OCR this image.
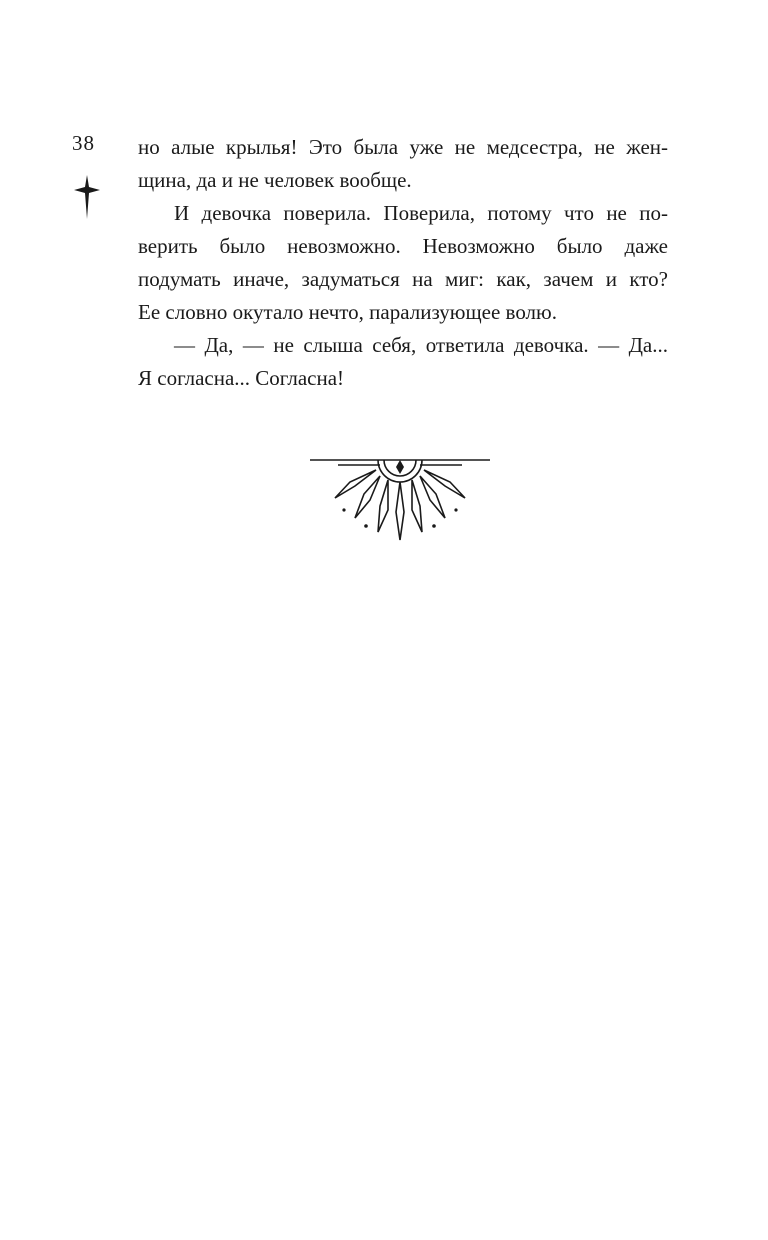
38 но алые крылья! Это была уже не медсестра, не жен-
щина, да и не человек вообще.
И девочка поверила. Поверила, потому что не по-
верить было невозможно. Невозможно было даже
подумать иначе, задуматься на миг: как, зачем и кто?
Ее словно окутало нечто, парализующее волю.
— Да, — не слыша себя, ответила девочка. — Да...
Я согласна... Согласна!
